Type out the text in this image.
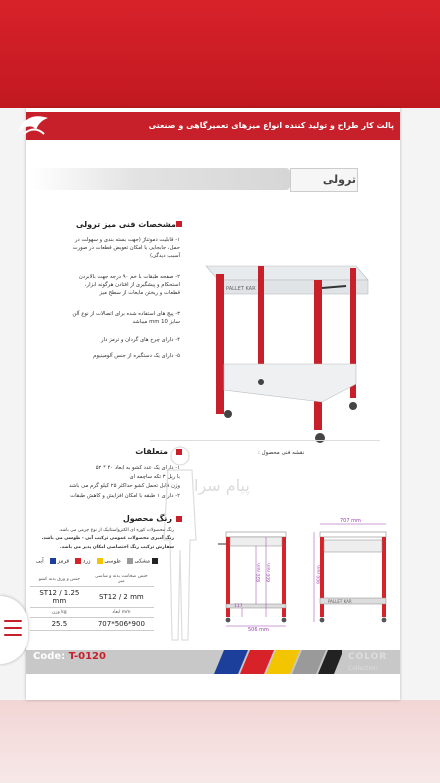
پالت کار طراح و تولید کننده انواع میزهای تعمیرگاهی و صنعتی
ترولی
مشخصات فنی میز ترولی
۱- قابلیت دموتناژ (جهت بسته بندی و سهولت در حمل، جابجایی با امکان تعویض قطعات در صورت آسیب دیدگی)
۲- صفحه طبقات با خم ۹۰ درجه جهت بالابردن استحکام و پیشگیری از افتادن هرگونه ابزار، قطعات و ریختن مایعات از سطح میز
۳- پیچ های استفاده شده برای اتصالات از نوع آلن سایز 10 mm میباشد
۴- دارای چرخ های گردان و ترمز دار
۵- دارای یک دستگیره از جنس آلومینیوم
PALLET KAR
نقشه فنی محصول :
متعلقات
۱- دارای یک عدد کشو به ابعاد ۴۰ * ۵۲
با ریل ۳ تکه ساچمه ای
وزن قابل تحمل کشو حداکثر ۲۵ کیلو گرم می باشد
۲- دارای ۱ طبقه با امکان افزایش و کاهش طبقات
پیام سرا
رنگ محصول
رنگ محصولات کوره ای الکترواستاتیک از نوع چرمی می باشد.
رنگ آمیزی محصولات عمومی ترکیب آبی - طوسی می باشد.
سفارش ترکیب رنگ اختصاصی امکان پذیر می باشد.
مشکی طوسی زرد قرمز آبی
جنس و ورق بدنه کشو	جنس ضخامت بدنه و شاسی میز
ST12 / 1.25 mm	ST12 / 2 mm
وزن kg	ابعاد mm
25.5	707*506*900
506 mm
820 mm 600 mm
117
707 mm
PALLET KAR
900 mm
Code: T-0120	COLOR
Collection
